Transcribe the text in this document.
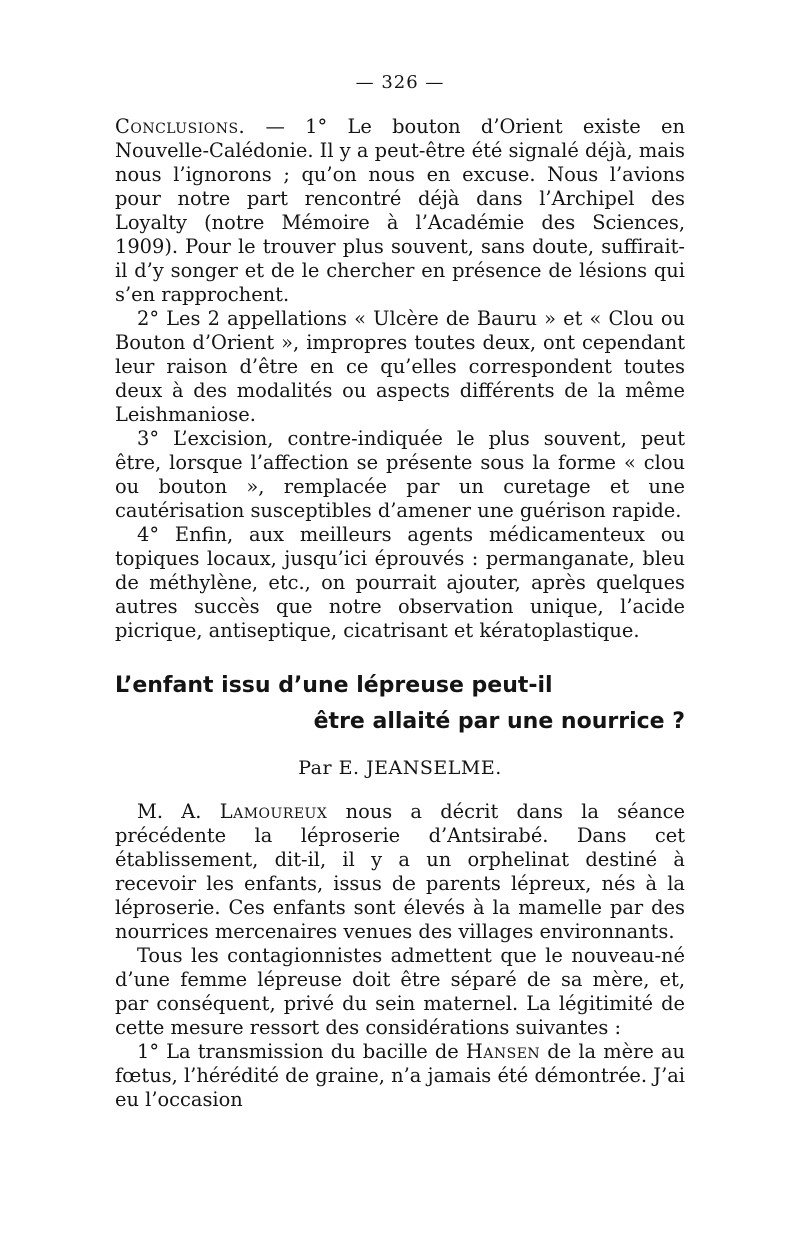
— 326 —

Conclusions. — 1° Le bouton d’Orient existe en Nouvelle-Calédonie. Il y a peut-être été signalé déjà, mais nous l’ignorons ; qu’on nous en excuse. Nous l’avions pour notre part rencontré déjà dans l’Archipel des Loyalty (notre Mémoire à l’Académie des Sciences, 1909). Pour le trouver plus souvent, sans doute, suffirait-il d’y songer et de le chercher en présence de lésions qui s’en rapprochent.

2° Les 2 appellations « Ulcère de Bauru » et « Clou ou Bouton d’Orient », impropres toutes deux, ont cependant leur raison d’être en ce qu’elles correspondent toutes deux à des modalités ou aspects différents de la même Leishmaniose.

3° L’excision, contre-indiquée le plus souvent, peut être, lorsque l’affection se présente sous la forme « clou ou bouton », remplacée par un curetage et une cautérisation susceptibles d’amener une guérison rapide.

4° Enfin, aux meilleurs agents médicamenteux ou topiques locaux, jusqu’ici éprouvés : permanganate, bleu de méthylène, etc., on pourrait ajouter, après quelques autres succès que notre observation unique, l’acide picrique, antiseptique, cicatrisant et kératoplastique.

L’enfant issu d’une lépreuse peut-il
être allaité par une nourrice ?
Par E. JEANSELME.

M. A. Lamoureux nous a décrit dans la séance précédente la léproserie d’Antsirabé. Dans cet établissement, dit-il, il y a un orphelinat destiné à recevoir les enfants, issus de parents lépreux, nés à la léproserie. Ces enfants sont élevés à la mamelle par des nourrices mercenaires venues des villages environnants.

Tous les contagionnistes admettent que le nouveau-né d’une femme lépreuse doit être séparé de sa mère, et, par conséquent, privé du sein maternel. La légitimité de cette mesure ressort des considérations suivantes :

1° La transmission du bacille de Hansen de la mère au fœtus, l’hérédité de graine, n’a jamais été démontrée. J’ai eu l’occasion
